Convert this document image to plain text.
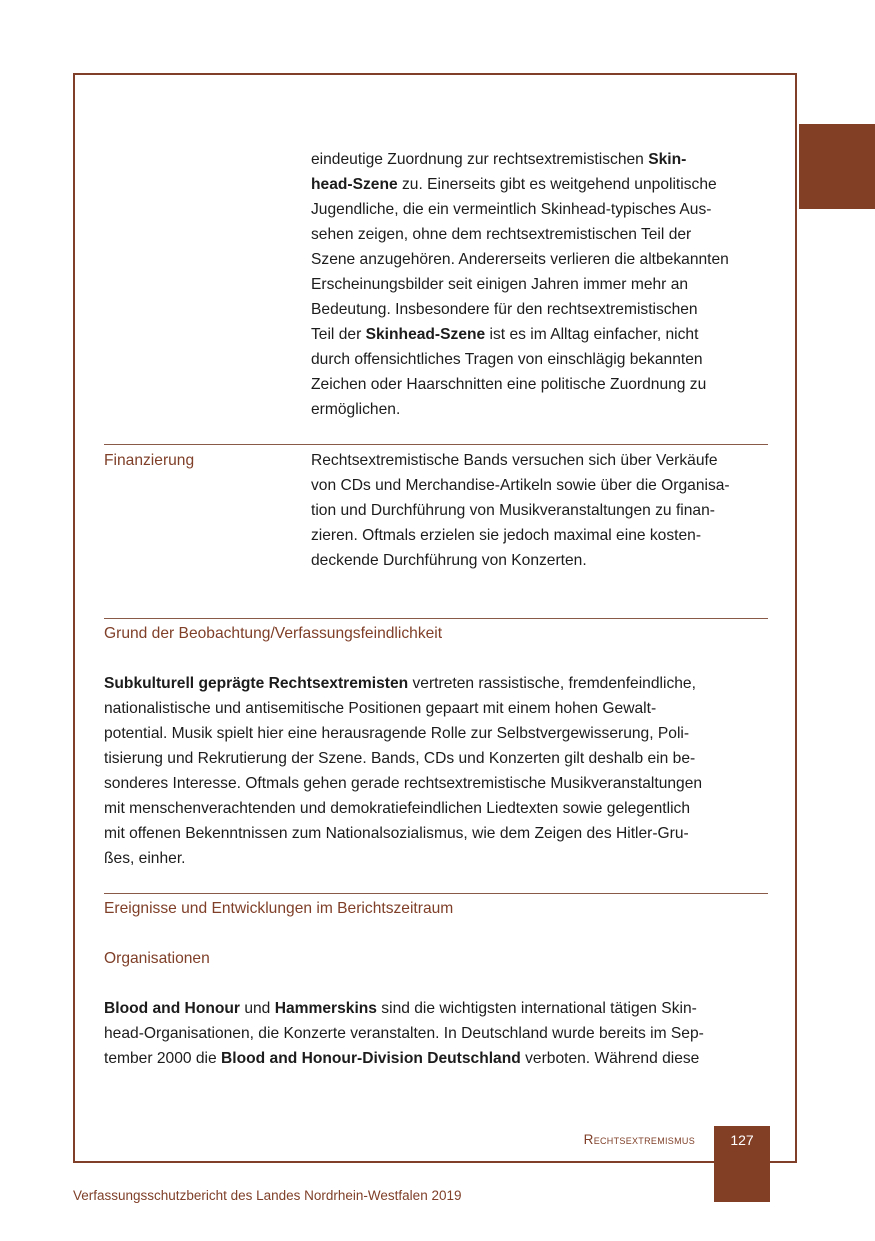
eindeutige Zuordnung zur rechtsextremistischen Skin-
head-Szene zu. Einerseits gibt es weitgehend unpolitische
Jugendliche, die ein vermeintlich Skinhead-typisches Aus-
sehen zeigen, ohne dem rechtsextremistischen Teil der
Szene anzugehören. Andererseits verlieren die altbekannten
Erscheinungsbilder seit einigen Jahren immer mehr an
Bedeutung. Insbesondere für den rechtsextremistischen
Teil der Skinhead-Szene ist es im Alltag einfacher, nicht
durch offensichtliches Tragen von einschlägig bekannten
Zeichen oder Haarschnitten eine politische Zuordnung zu
ermöglichen.
Finanzierung	Rechtsextremistische Bands versuchen sich über Verkäufe
von CDs und Merchandise-Artikeln sowie über die Organisa-
tion und Durchführung von Musikveranstaltungen zu finan-
zieren. Oftmals erzielen sie jedoch maximal eine kosten-
deckende Durchführung von Konzerten.
Grund der Beobachtung/Verfassungsfeindlichkeit
Subkulturell geprägte Rechtsextremisten vertreten rassistische, fremdenfeindliche,
nationalistische und antisemitische Positionen gepaart mit einem hohen Gewalt-
potential. Musik spielt hier eine herausragende Rolle zur Selbstvergewisserung, Poli-
tisierung und Rekrutierung der Szene. Bands, CDs und Konzerten gilt deshalb ein be-
sonderes Interesse. Oftmals gehen gerade rechtsextremistische Musikveranstaltungen
mit menschenverachtenden und demokratiefeindlichen Liedtexten sowie gelegentlich
mit offenen Bekenntnissen zum Nationalsozialismus, wie dem Zeigen des Hitler-Gru-
ßes, einher.
Ereignisse und Entwicklungen im Berichtszeitraum
Organisationen
Blood and Honour und Hammerskins sind die wichtigsten international tätigen Skin-
head-Organisationen, die Konzerte veranstalten. In Deutschland wurde bereits im Sep-
tember 2000 die Blood and Honour-Division Deutschland verboten. Während diese
Rechtsextremismus	127
Verfassungsschutzbericht des Landes Nordrhein-Westfalen 2019
